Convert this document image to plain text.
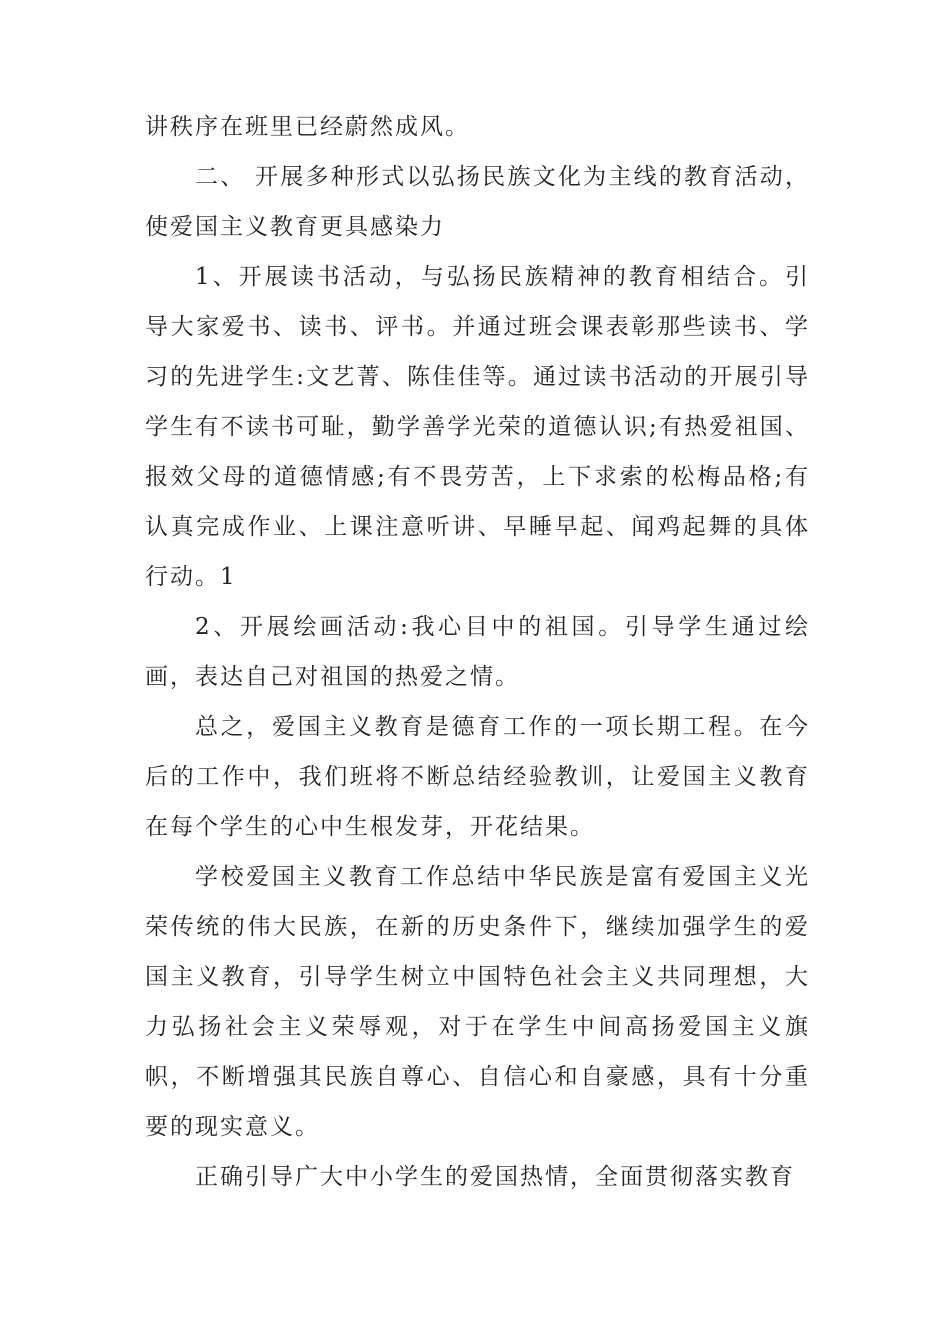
讲秩序在班里已经蔚然成风。

二、 开展多种形式以弘扬民族文化为主线的教育活动，使爱国主义教育更具感染力

1、开展读书活动，与弘扬民族精神的教育相结合。引导大家爱书、读书、评书。并通过班会课表彰那些读书、学习的先进学生:文艺菁、陈佳佳等。通过读书活动的开展引导学生有不读书可耻，勤学善学光荣的道德认识;有热爱祖国、报效父母的道德情感;有不畏劳苦，上下求索的松梅品格;有认真完成作业、上课注意听讲、早睡早起、闻鸡起舞的具体行动。1

2、开展绘画活动:我心目中的祖国。引导学生通过绘画，表达自己对祖国的热爱之情。

总之，爱国主义教育是德育工作的一项长期工程。在今后的工作中，我们班将不断总结经验教训，让爱国主义教育在每个学生的心中生根发芽，开花结果。

学校爱国主义教育工作总结中华民族是富有爱国主义光荣传统的伟大民族，在新的历史条件下，继续加强学生的爱国主义教育，引导学生树立中国特色社会主义共同理想，大力弘扬社会主义荣辱观，对于在学生中间高扬爱国主义旗帜，不断增强其民族自尊心、自信心和自豪感，具有十分重要的现实意义。

正确引导广大中小学生的爱国热情，全面贯彻落实教育
